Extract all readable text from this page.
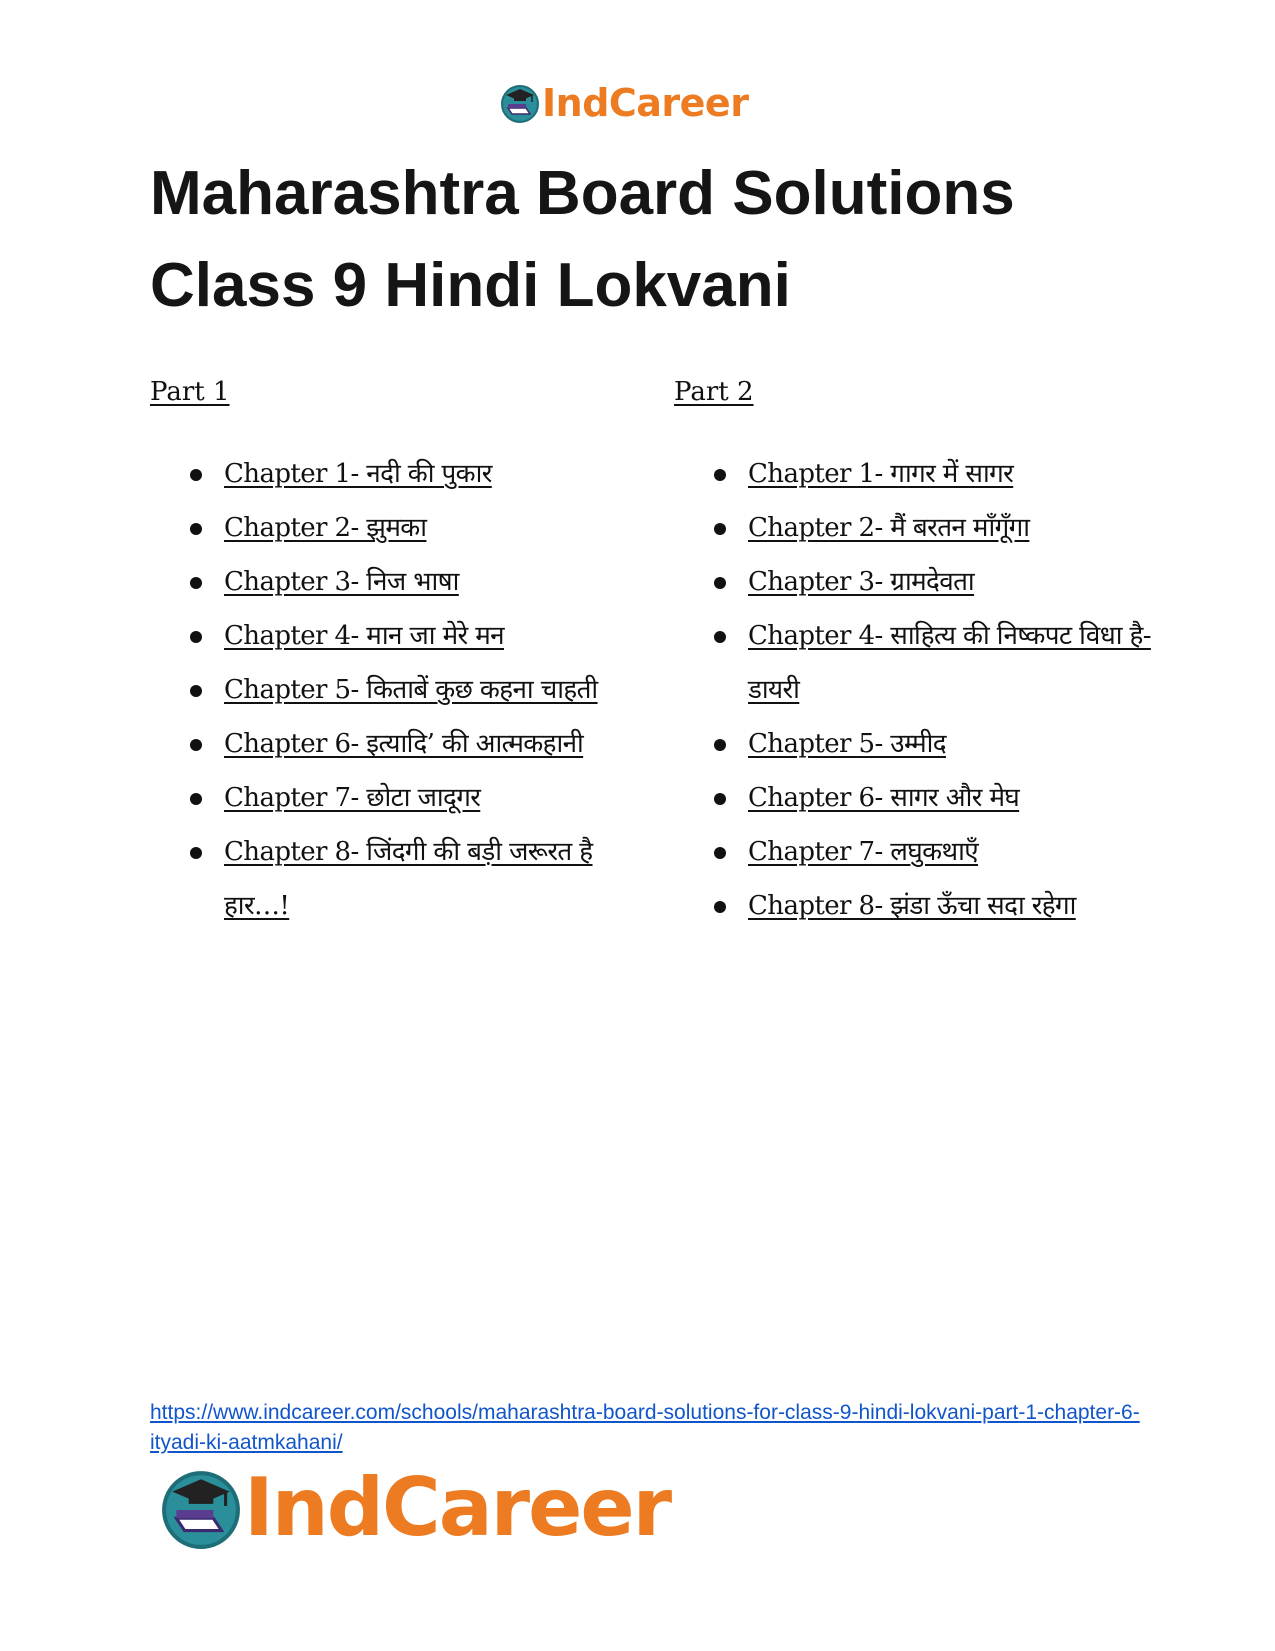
IndCareer
Maharashtra Board Solutions
Class 9 Hindi Lokvani
Part 1
Chapter 1- नदी की पुकार
Chapter 2- झुमका
Chapter 3- निज भाषा
Chapter 4- मान जा मेरे मन
Chapter 5- किताबें कुछ कहना चाहती
Chapter 6- इत्यादि’ की आत्मकहानी
Chapter 7- छोटा जादूगर
Chapter 8- जिंदगी की बड़ी जरूरत है हार…!
Part 2
Chapter 1- गागर में सागर
Chapter 2- मैं बरतन माँगूँगा
Chapter 3- ग्रामदेवता
Chapter 4- साहित्य की निष्कपट विधा है-डायरी
Chapter 5- उम्मीद
Chapter 6- सागर और मेघ
Chapter 7- लघुकथाएँ
Chapter 8- झंडा ऊँचा सदा रहेगा
https://www.indcareer.com/schools/maharashtra-board-solutions-for-class-9-hindi-lokvani-part-1-chapter-6-ityadi-ki-aatmkahani/
IndCareer
